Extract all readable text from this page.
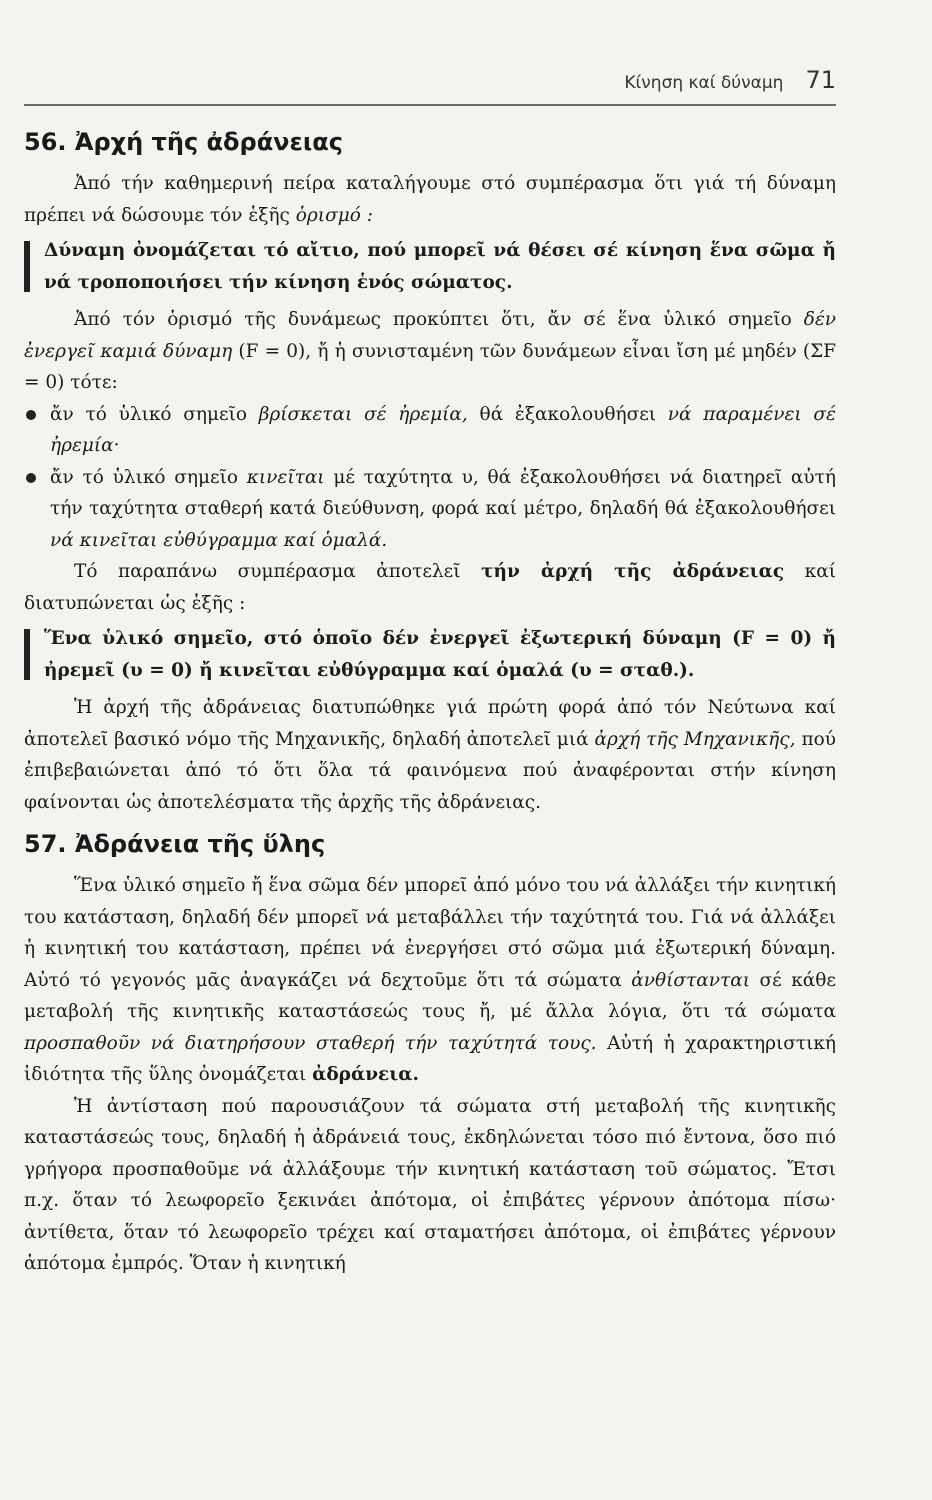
Κίνηση καί δύναμη 71
56. Ἀρχή τῆς ἀδράνειας

Ἀπό τήν καθημερινή πείρα καταλήγουμε στό συμπέρασμα ὅτι γιά τή δύναμη πρέπει νά δώσουμε τόν ἑξῆς ὁρισμό :

Δύναμη ὀνομάζεται τό αἴτιο, πού μπορεῖ νά θέσει σέ κίνηση ἕνα σῶμα ἤ νά τροποποιήσει τήν κίνηση ἑνός σώματος.

Ἀπό τόν ὁρισμό τῆς δυνάμεως προκύπτει ὅτι, ἄν σέ ἕνα ὑλικό σημεῖο δέν ἐνεργεῖ καμιά δύναμη (F = 0), ἤ ἡ συνισταμένη τῶν δυνάμεων εἶναι ἴση μέ μηδέν (ΣF = 0) τότε:

ἄν τό ὑλικό σημεῖο βρίσκεται σέ ἠρεμία, θά ἐξακολουθήσει νά παραμένει σέ ἠρεμία·

ἄν τό ὑλικό σημεῖο κινεῖται μέ ταχύτητα υ, θά ἐξακολουθήσει νά διατηρεῖ αὐτή τήν ταχύτητα σταθερή κατά διεύθυνση, φορά καί μέτρο, δηλαδή θά ἐξακολουθήσει νά κινεῖται εὐθύγραμμα καί ὁμαλά.

Τό παραπάνω συμπέρασμα ἀποτελεῖ τήν ἀρχή τῆς ἀδράνειας καί διατυπώνεται ὡς ἑξῆς :

Ἕνα ὑλικό σημεῖο, στό ὁποῖο δέν ἐνεργεῖ ἐξωτερική δύναμη (F = 0) ἤ ἠρεμεῖ (υ = 0) ἤ κινεῖται εὐθύγραμμα καί ὁμαλά (υ = σταθ.).

Ἡ ἀρχή τῆς ἀδράνειας διατυπώθηκε γιά πρώτη φορά ἀπό τόν Νεύτωνα καί ἀποτελεῖ βασικό νόμο τῆς Μηχανικῆς, δηλαδή ἀποτελεῖ μιά ἀρχή τῆς Μηχανικῆς, πού ἐπιβεβαιώνεται ἀπό τό ὅτι ὅλα τά φαινόμενα πού ἀναφέρονται στήν κίνηση φαίνονται ὡς ἀποτελέσματα τῆς ἀρχῆς τῆς ἀδράνειας.

57. Ἀδράνεια τῆς ὕλης

Ἕνα ὑλικό σημεῖο ἤ ἕνα σῶμα δέν μπορεῖ ἀπό μόνο του νά ἀλλάξει τήν κινητική του κατάσταση, δηλαδή δέν μπορεῖ νά μεταβάλλει τήν ταχύτητά του. Γιά νά ἀλλάξει ἡ κινητική του κατάσταση, πρέπει νά ἐνεργήσει στό σῶμα μιά ἐξωτερική δύναμη. Αὐτό τό γεγονός μᾶς ἀναγκάζει νά δεχτοῦμε ὅτι τά σώματα ἀνθίστανται σέ κάθε μεταβολή τῆς κινητικῆς καταστάσεώς τους ἤ, μέ ἄλλα λόγια, ὅτι τά σώματα προσπαθοῦν νά διατηρήσουν σταθερή τήν ταχύτητά τους. Αὐτή ἡ χαρακτηριστική ἰδιότητα τῆς ὕλης ὀνομάζεται ἀδράνεια.

Ἡ ἀντίσταση πού παρουσιάζουν τά σώματα στή μεταβολή τῆς κινητικῆς καταστάσεώς τους, δηλαδή ἡ ἀδράνειά τους, ἐκδηλώνεται τόσο πιό ἔντονα, ὅσο πιό γρήγορα προσπαθοῦμε νά ἀλλάξουμε τήν κινητική κατάσταση τοῦ σώματος. Ἔτσι π.χ. ὅταν τό λεωφορεῖο ξεκινάει ἀπότομα, οἱ ἐπιβάτες γέρνουν ἀπότομα πίσω· ἀντίθετα, ὅταν τό λεωφορεῖο τρέχει καί σταματήσει ἀπότομα, οἱ ἐπιβάτες γέρνουν ἀπότομα ἐμπρός. Ὅταν ἡ κινητική
